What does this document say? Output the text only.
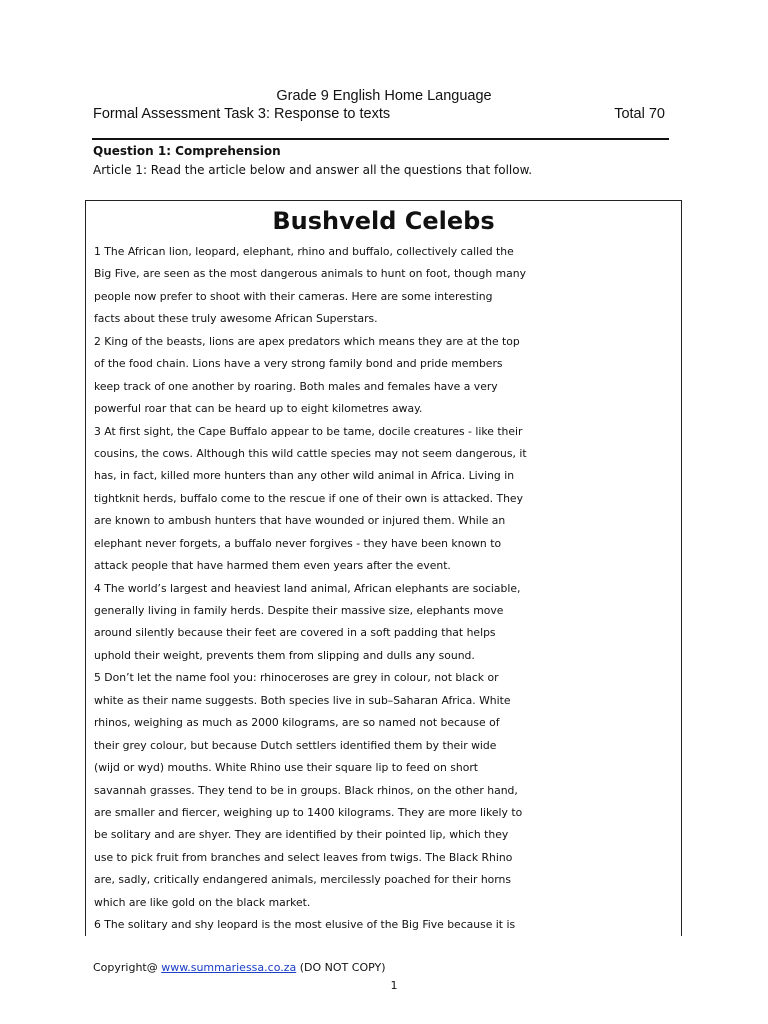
Grade 9 English Home Language
Formal Assessment Task 3: Response to texts	Total 70
Question 1: Comprehension
Article 1: Read the article below and answer all the questions that follow.
Bushveld Celebs
1 The African lion, leopard, elephant, rhino and buffalo, collectively called the
Big Five, are seen as the most dangerous animals to hunt on foot, though many
people now prefer to shoot with their cameras. Here are some interesting
facts about these truly awesome African Superstars.
2 King of the beasts, lions are apex predators which means they are at the top
of the food chain. Lions have a very strong family bond and pride members
keep track of one another by roaring. Both males and females have a very
powerful roar that can be heard up to eight kilometres away.
3 At first sight, the Cape Buffalo appear to be tame, docile creatures - like their
cousins, the cows. Although this wild cattle species may not seem dangerous, it
has, in fact, killed more hunters than any other wild animal in Africa. Living in
tightknit herds, buffalo come to the rescue if one of their own is attacked. They
are known to ambush hunters that have wounded or injured them. While an
elephant never forgets, a buffalo never forgives - they have been known to
attack people that have harmed them even years after the event.
4 The world’s largest and heaviest land animal, African elephants are sociable,
generally living in family herds. Despite their massive size, elephants move
around silently because their feet are covered in a soft padding that helps
uphold their weight, prevents them from slipping and dulls any sound.
5 Don’t let the name fool you: rhinoceroses are grey in colour, not black or
white as their name suggests. Both species live in sub–Saharan Africa. White
rhinos, weighing as much as 2000 kilograms, are so named not because of
their grey colour, but because Dutch settlers identified them by their wide
(wijd or wyd) mouths. White Rhino use their square lip to feed on short
savannah grasses. They tend to be in groups. Black rhinos, on the other hand,
are smaller and fiercer, weighing up to 1400 kilograms. They are more likely to
be solitary and are shyer. They are identified by their pointed lip, which they
use to pick fruit from branches and select leaves from twigs. The Black Rhino
are, sadly, critically endangered animals, mercilessly poached for their horns
which are like gold on the black market.
6 The solitary and shy leopard is the most elusive of the Big Five because it is
Copyright@ www.summariessa.co.za (DO NOT COPY)
1
